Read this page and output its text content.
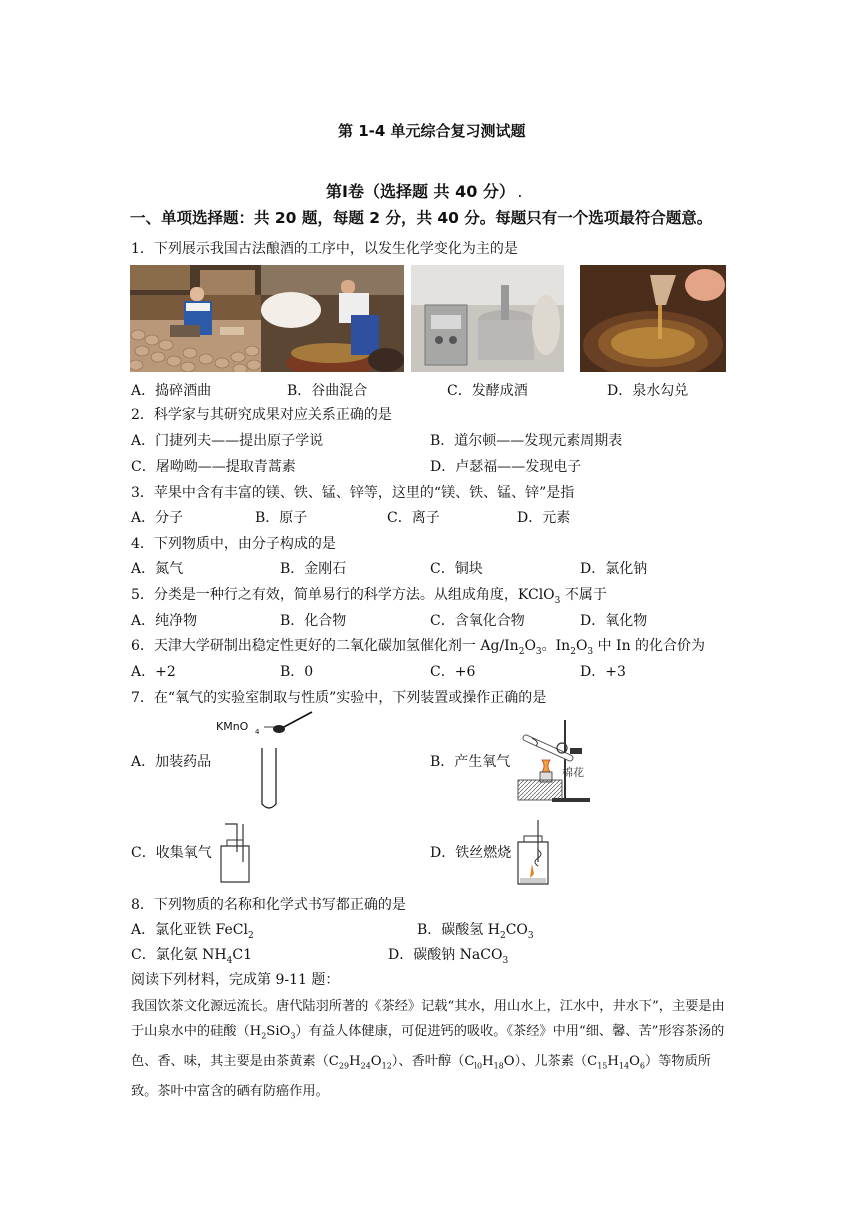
第 1-4 单元综合复习测试题
第Ⅰ卷（选择题 共 40 分） .
一、单项选择题：共 20 题，每题 2 分，共 40 分。每题只有一个选项最符合题意。
1．下列展示我国古法酿酒的工序中，以发生化学变化为主的是
A．捣碎酒曲	B．谷曲混合	C．发酵成酒	D．泉水勾兑
2．科学家与其研究成果对应关系正确的是
A．门捷列夫——提出原子学说	B．道尔顿——发现元素周期表
C．屠呦呦——提取青蒿素	D．卢瑟福——发现电子
3．苹果中含有丰富的镁、铁、锰、锌等，这里的“镁、铁、锰、锌”是指
A．分子	B．原子	C．离子	D．元素
4．下列物质中，由分子构成的是
A．氮气	B．金刚石	C．铜块	D．氯化钠
5．分类是一种行之有效，简单易行的科学方法。从组成角度，KClO$_3$ 不属于
A．纯净物	B．化合物	C．含氧化合物	D．氧化物
6．天津大学研制出稳定性更好的二氧化碳加氢催化剂一 $Ag/In_2O_3$。$In_2O_3$ 中 In 的化合价为
A．+2	B．0	C．+6	D．+3
7．在“氧气的实验室制取与性质”实验中，下列装置或操作正确的是
A．加装药品
KMnO 4
B．产生氧气
棉花
C．收集氧气	D．铁丝燃烧
8．下列物质的名称和化学式书写都正确的是
A．氯化亚铁 FeCl$_2$	B．碳酸氢 $H_2CO_3$
C．氯化氨 $NH_4C1$	D．碳酸钠 NaCO$_3$
阅读下列材料，完成第 9-11 题：
我国饮茶文化源远流长。唐代陆羽所著的《茶经》记载“其水，用山水上，江水中，井水下”，主要是由于山泉水中的硅酸$(H_2SiO_3)$有益人体健康，可促进钙的吸收。《茶经》中用“细、馨、苦”形容茶汤的色、香、味，其主要是由茶黄素$(C_{29}H_{24}O_{12})$、香叶醇$(C_{l0}H_{18}O)$、儿茶素$(C_{15}H_{14}O_6)$等物质所致。茶叶中富含的硒有防癌作用。
